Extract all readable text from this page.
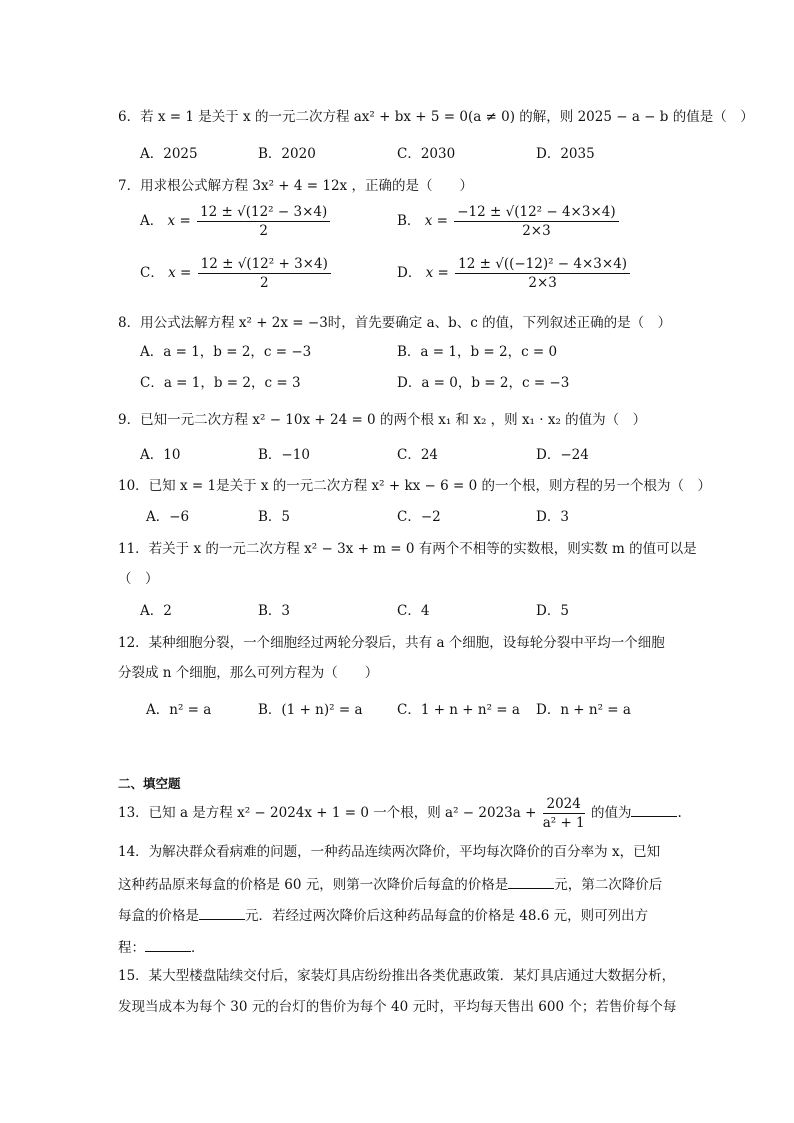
6．若 x = 1 是关于 x 的一元二次方程 ax² + bx + 5 = 0(a ≠ 0) 的解，则 2025 − a − b 的值是（　）
A．2025	B．2020	C．2030	D．2035
7．用求根公式解方程 3x² + 4 = 12x ，正确的是（　　）
A． $x = \frac{\text{12 ± √(12² − 3×4)}}{2}$	B． $x = \frac{\text{−12 ± √(12² − 4×3×4)}}{2\times 3}$
C． $x = \frac{\text{12 ± √(12² + 3×4)}}{2}$	D． $x = \frac{\text{12 ± √((−12)² − 4×3×4)}}{2\times 3}$
8．用公式法解方程 x² + 2x = −3时，首先要确定 a、b、c 的值，下列叙述正确的是（　）
A．a = 1，b = 2，c = −3	B．a = 1，b = 2，c = 0
C．a = 1，b = 2，c = 3	D．a = 0，b = 2，c = −3
9．已知一元二次方程 x² − 10x + 24 = 0 的两个根 x₁ 和 x₂ ，则 x₁ · x₂ 的值为（　）
A．10	B．−10	C．24	D．−24
10．已知 x = 1是关于 x 的一元二次方程 x² + kx − 6 = 0 的一个根，则方程的另一个根为（　）
A．−6	B．5	C．−2	D．3
11．若关于 x 的一元二次方程 x² − 3x + m = 0 有两个不相等的实数根，则实数 m 的值可以是
（　）
A．2	B．3	C．4	D．5
12．某种细胞分裂，一个细胞经过两轮分裂后，共有 a 个细胞，设每轮分裂中平均一个细胞
分裂成 n 个细胞，那么可列方程为（　　）
A．n² = a	B．(1 + n)² = a	C．1 + n + n² = a D．n + n² = a
二、填空题
13．已知 a 是方程 x² − 2024x + 1 = 0 一个根，则 $a^2 - 2023a + \frac{2024}{\text{a² + 1}}$ 的值为	.
14．为解决群众看病难的问题，一种药品连续两次降价，平均每次降价的百分率为 x，已知
这种药品原来每盒的价格是 60 元，则第一次降价后每盒的价格是	元，第二次降价后
每盒的价格是	元．若经过两次降价后这种药品每盒的价格是 48.6 元，则可列出方
程：	．
15．某大型楼盘陆续交付后，家装灯具店纷纷推出各类优惠政策．某灯具店通过大数据分析，
发现当成本为每个 30 元的台灯的售价为每个 40 元时，平均每天售出 600 个；若售价每个每
